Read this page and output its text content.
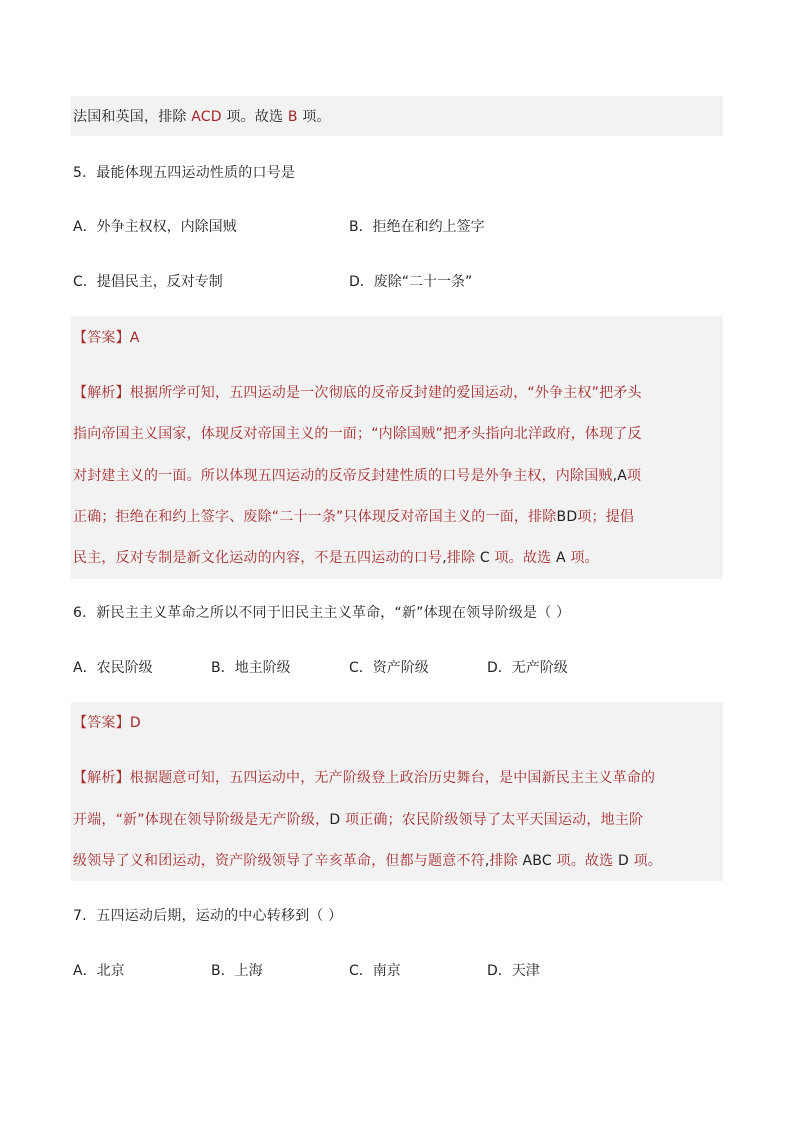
法国和英国，排除 ACD 项。故选 B 项。
5．最能体现五四运动性质的口号是
A．外争主权权，内除国贼	B．拒绝在和约上签字
C．提倡民主，反对专制	D．废除“二十一条”
【答案】A
【解析】根据所学可知，五四运动是一次彻底的反帝反封建的爱国运动，“外争主权”把矛头
指向帝国主义国家，体现反对帝国主义的一面；“内除国贼”把矛头指向北洋政府，体现了反
对封建主义的一面。所以体现五四运动的反帝反封建性质的口号是外争主权，内除国贼,A项
正确；拒绝在和约上签字、废除“二十一条”只体现反对帝国主义的一面，排除BD项；提倡
民主，反对专制是新文化运动的内容，不是五四运动的口号,排除 C 项。故选 A 项。
6．新民主主义革命之所以不同于旧民主主义革命，“新”体现在领导阶级是（ ）
A．农民阶级	B．地主阶级	C．资产阶级	D．无产阶级
【答案】D
【解析】根据题意可知，五四运动中，无产阶级登上政治历史舞台，是中国新民主主义革命的
开端，“新”体现在领导阶级是无产阶级，D 项正确；农民阶级领导了太平天国运动，地主阶
级领导了义和团运动，资产阶级领导了辛亥革命，但都与题意不符,排除 ABC 项。故选 D 项。
7．五四运动后期，运动的中心转移到（ ）
A．北京	B．上海	C．南京	D．天津
